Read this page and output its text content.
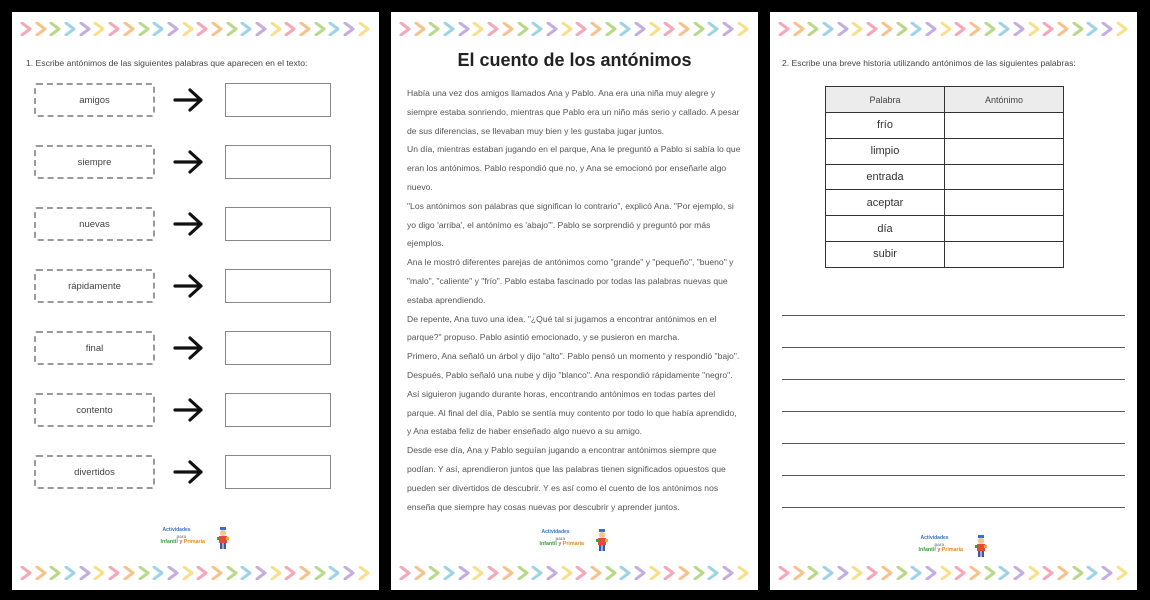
1. Escribe antónimos de las siguientes palabras que aparecen en el texto:
amigos
siempre
nuevas
rápidamente
final
contento
divertidos
Actividades
para
Infantil y Primaria
El cuento de los antónimos

Había una vez dos amigos llamados Ana y Pablo. Ana era una niña muy alegre y siempre estaba sonriendo, mientras que Pablo era un niño más serio y callado. A pesar de sus diferencias, se llevaban muy bien y les gustaba jugar juntos.

Un día, mientras estaban jugando en el parque, Ana le preguntó a Pablo si sabía lo que eran los antónimos. Pablo respondió que no, y Ana se emocionó por enseñarle algo nuevo.

"Los antónimos son palabras que significan lo contrario", explicó Ana. "Por ejemplo, si yo digo 'arriba', el antónimo es 'abajo'". Pablo se sorprendió y preguntó por más ejemplos.

Ana le mostró diferentes parejas de antónimos como "grande" y "pequeño", "bueno" y "malo", "caliente" y "frío". Pablo estaba fascinado por todas las palabras nuevas que estaba aprendiendo.

De repente, Ana tuvo una idea. "¿Qué tal si jugamos a encontrar antónimos en el parque?" propuso. Pablo asintió emocionado, y se pusieron en marcha.

Primero, Ana señaló un árbol y dijo "alto". Pablo pensó un momento y respondió "bajo". Después, Pablo señaló una nube y dijo "blanco". Ana respondió rápidamente "negro".

Así siguieron jugando durante horas, encontrando antónimos en todas partes del parque. Al final del día, Pablo se sentía muy contento por todo lo que había aprendido, y Ana estaba feliz de haber enseñado algo nuevo a su amigo.

Desde ese día, Ana y Pablo seguían jugando a encontrar antónimos siempre que podían. Y así, aprendieron juntos que las palabras tienen significados opuestos que pueden ser divertidos de descubrir. Y es así como el cuento de los antónimos nos enseña que siempre hay cosas nuevas por descubrir y aprender juntos.

Actividades
para
Infantil y Primaria
2. Escribe una breve historia utilizando antónimos de las siguientes palabras:
Palabra	Antónimo
frío	
limpio	
entrada	
aceptar	
día	
subir	
Actividades
para
Infantil y Primaria
